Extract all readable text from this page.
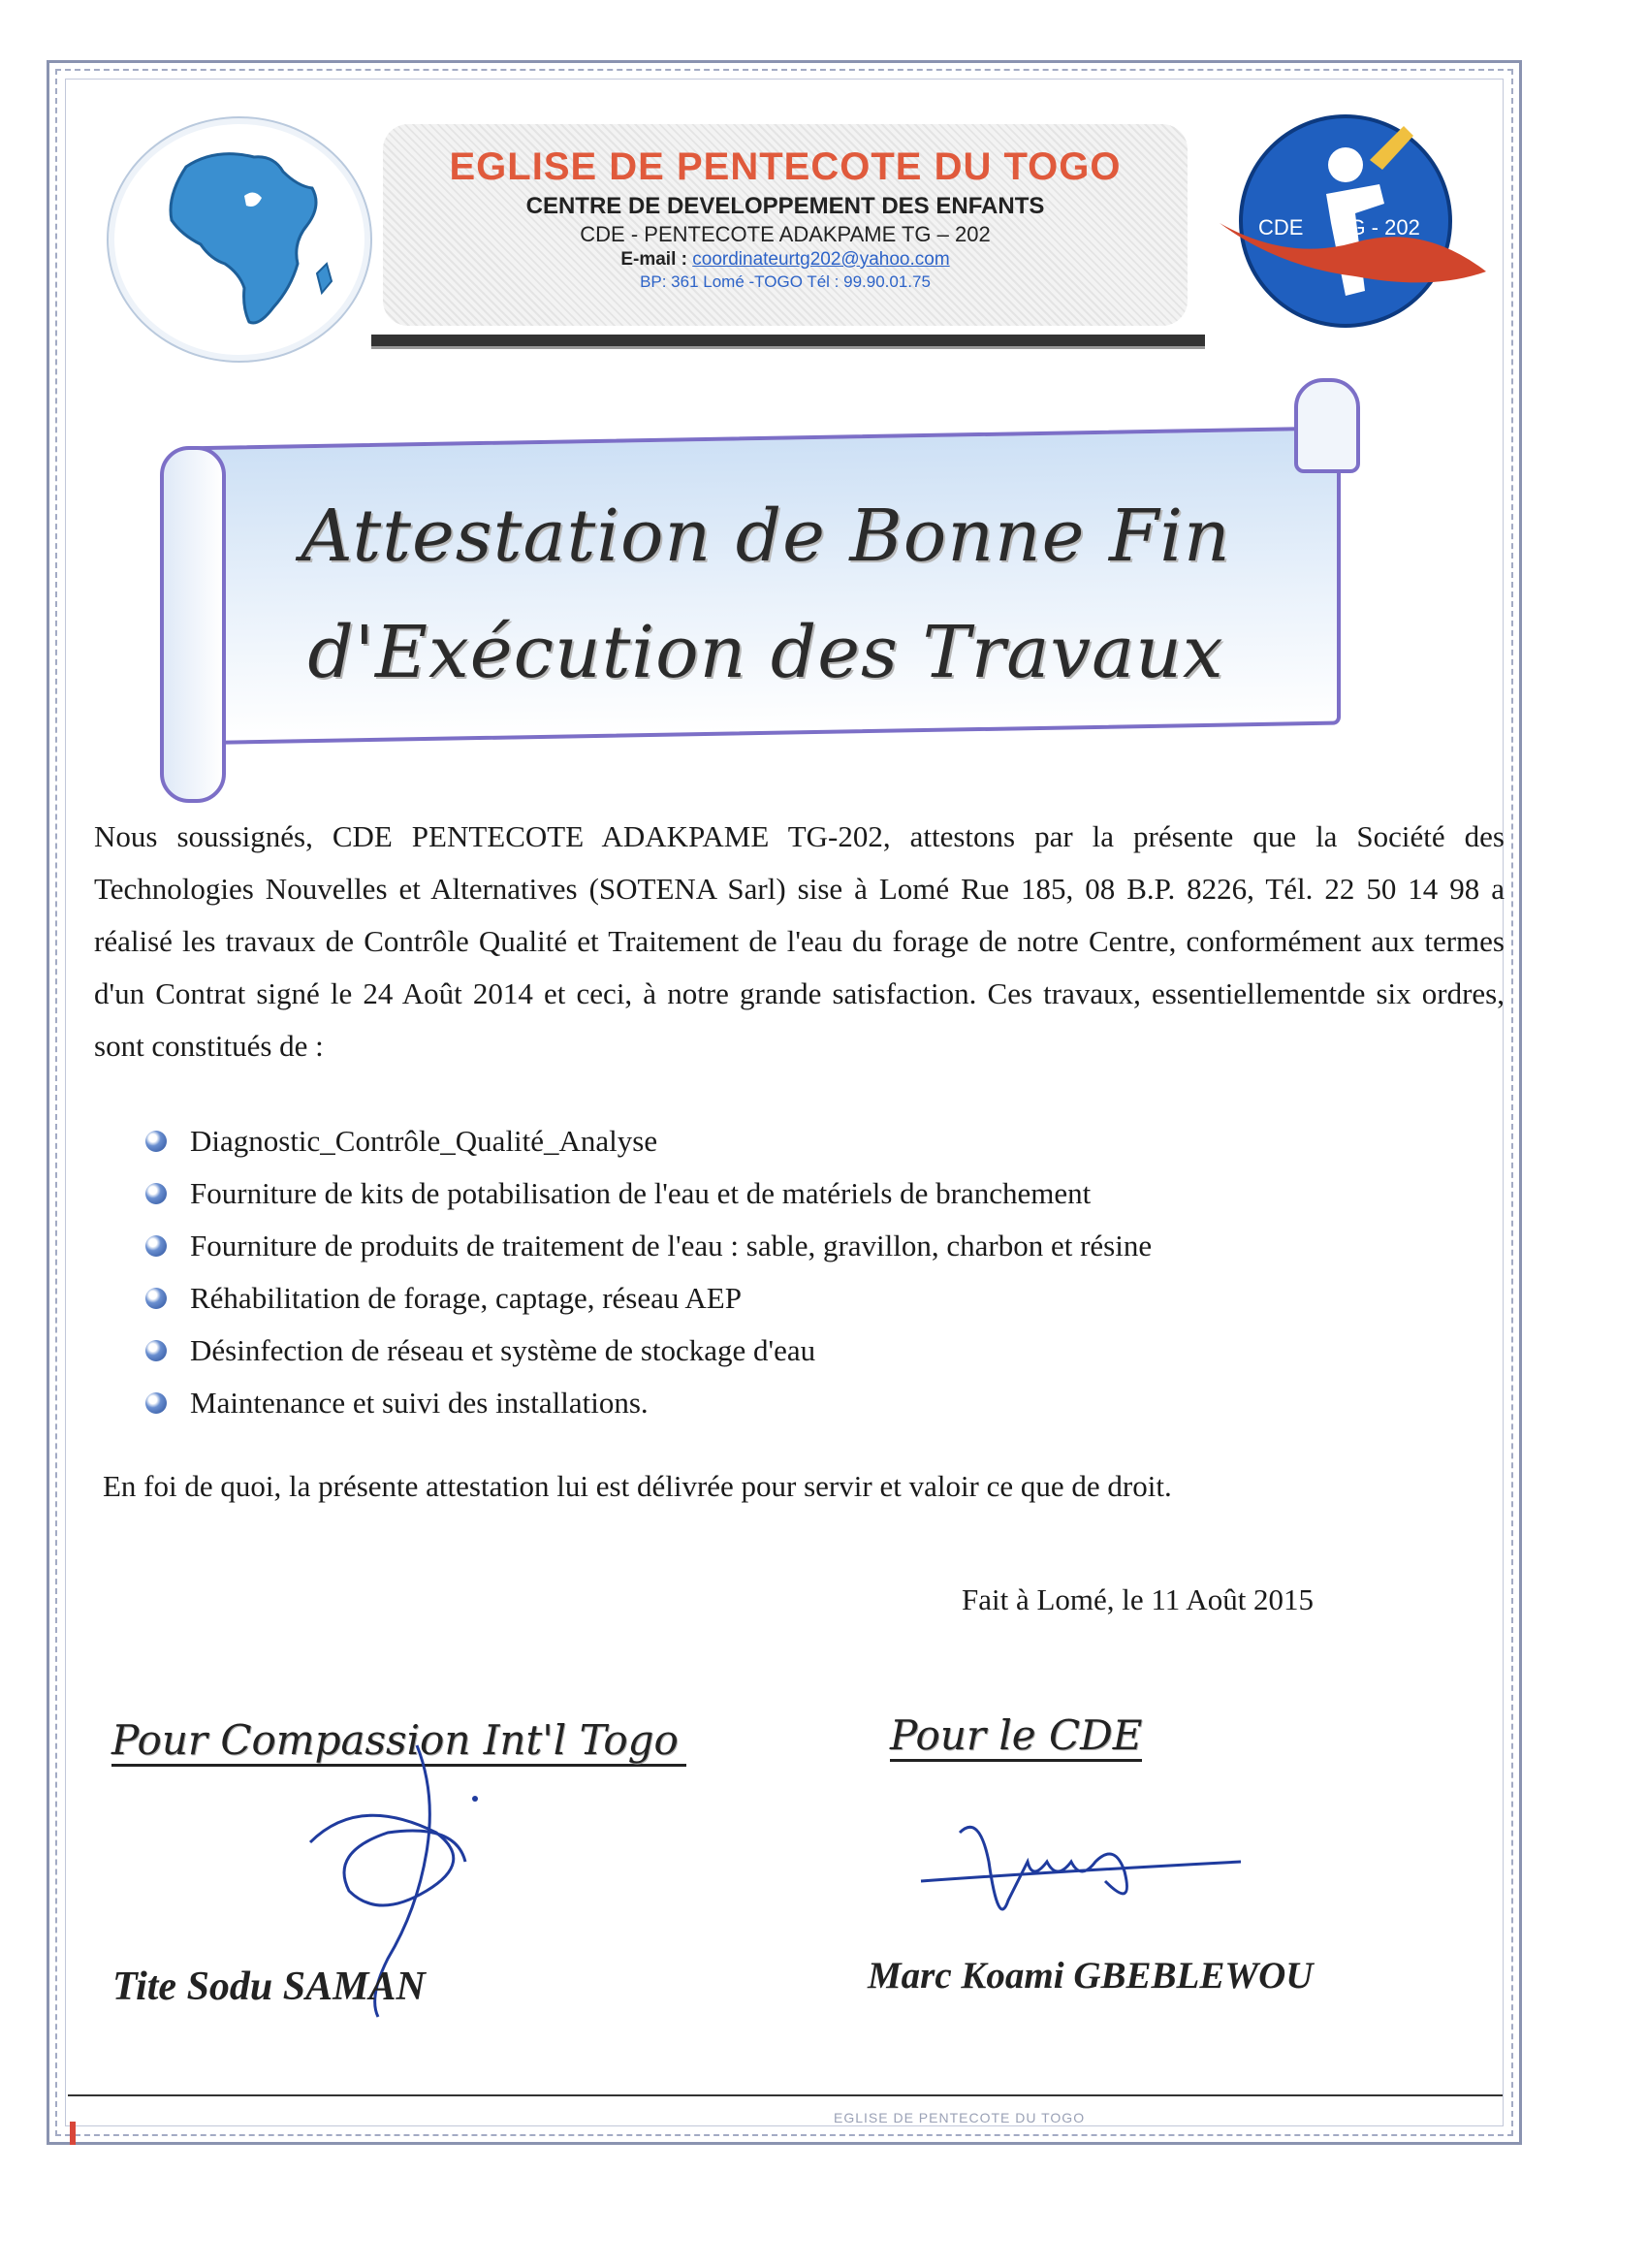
EGLISE DE PENTECOTE DU TOGO
CENTRE DE DEVELOPPEMENT DES ENFANTS
CDE - PENTECOTE ADAKPAME TG – 202
E-mail : coordinateurtg202@yahoo.com
BP: 361 Lomé -TOGO Tél : 99.90.01.75
CDE TG - 202
Attestation de Bonne Fin
d'Exécution des Travaux
Nous soussignés, CDE PENTECOTE ADAKPAME TG-202, attestons par la présente que la Société des Technologies Nouvelles et Alternatives (SOTENA Sarl) sise à Lomé Rue 185, 08 B.P. 8226, Tél. 22 50 14 98 a réalisé les travaux de Contrôle Qualité et Traitement de l'eau du forage de notre Centre, conformément aux termes d'un Contrat signé le 24 Août 2014 et ceci, à notre grande satisfaction. Ces travaux, essentiellementde six ordres, sont constitués de :
Diagnostic_Contrôle_Qualité_Analyse
Fourniture de kits de potabilisation de l'eau et de matériels de branchement
Fourniture de produits de traitement de l'eau : sable, gravillon, charbon et résine
Réhabilitation de forage, captage, réseau AEP
Désinfection de réseau et système de stockage d'eau
Maintenance et suivi des installations.
En foi de quoi, la présente attestation lui est délivrée pour servir et valoir ce que de droit.
Fait à Lomé, le 11 Août 2015
Pour Compassion Int'l Togo	Pour le CDE
Tite Sodu SAMAN	Marc Koami GBEBLEWOU
EGLISE DE PENTECOTE DU TOGO
